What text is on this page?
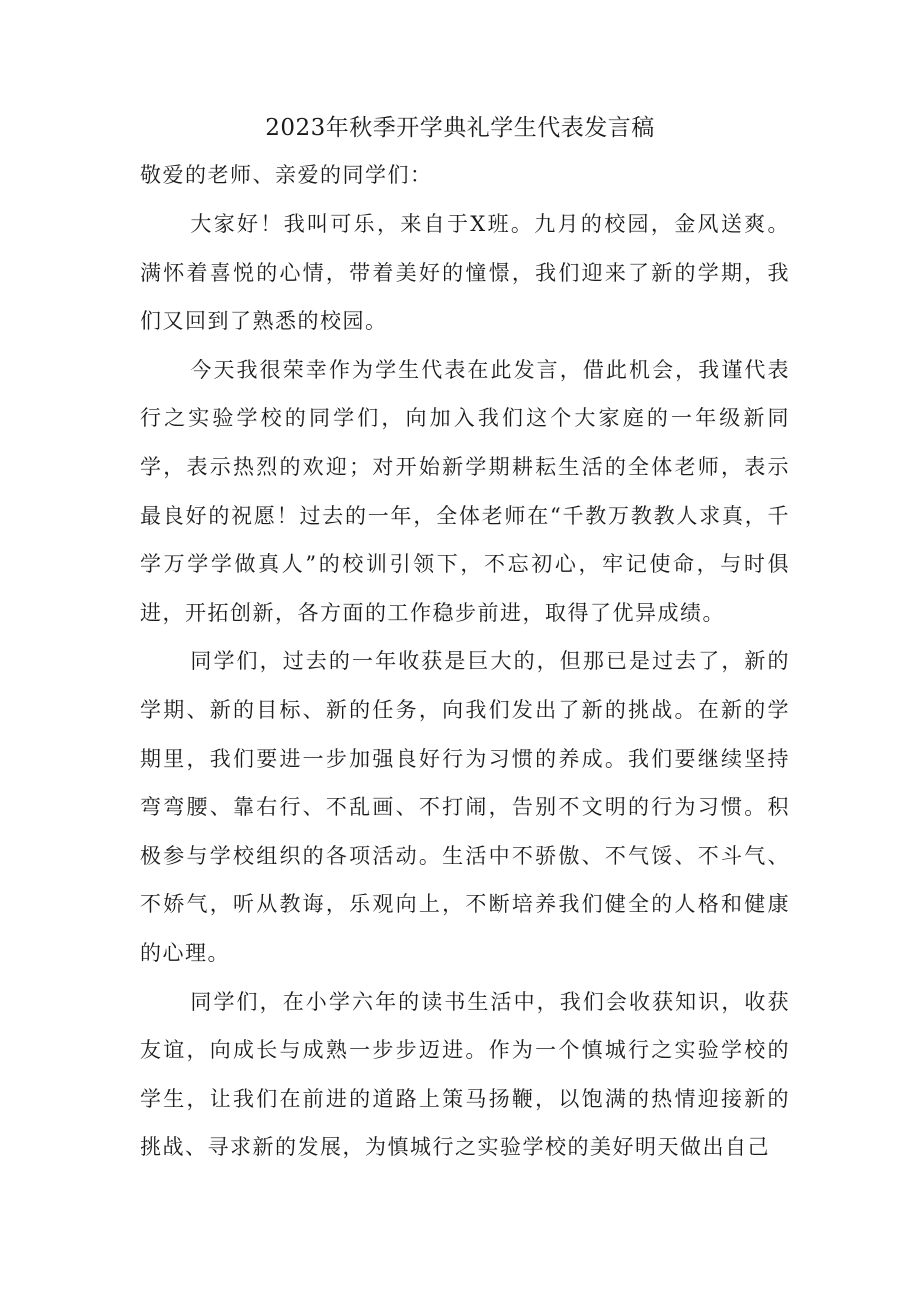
2023年秋季开学典礼学生代表发言稿

敬爱的老师、亲爱的同学们：

大家好！我叫可乐，来自于X班。九月的校园，金风送爽。满怀着喜悦的心情，带着美好的憧憬，我们迎来了新的学期，我们又回到了熟悉的校园。

今天我很荣幸作为学生代表在此发言，借此机会，我谨代表行之实验学校的同学们，向加入我们这个大家庭的一年级新同学，表示热烈的欢迎；对开始新学期耕耘生活的全体老师，表示最良好的祝愿！过去的一年，全体老师在“千教万教教人求真，千学万学学做真人”的校训引领下，不忘初心，牢记使命，与时俱进，开拓创新，各方面的工作稳步前进，取得了优异成绩。

同学们，过去的一年收获是巨大的，但那已是过去了，新的学期、新的目标、新的任务，向我们发出了新的挑战。在新的学期里，我们要进一步加强良好行为习惯的养成。我们要继续坚持弯弯腰、靠右行、不乱画、不打闹，告别不文明的行为习惯。积极参与学校组织的各项活动。生活中不骄傲、不气馁、不斗气、不娇气，听从教诲，乐观向上，不断培养我们健全的人格和健康的心理。

同学们，在小学六年的读书生活中，我们会收获知识，收获友谊，向成长与成熟一步步迈进。作为一个慎城行之实验学校的学生，让我们在前进的道路上策马扬鞭，以饱满的热情迎接新的挑战、寻求新的发展，为慎城行之实验学校的美好明天做出自己
